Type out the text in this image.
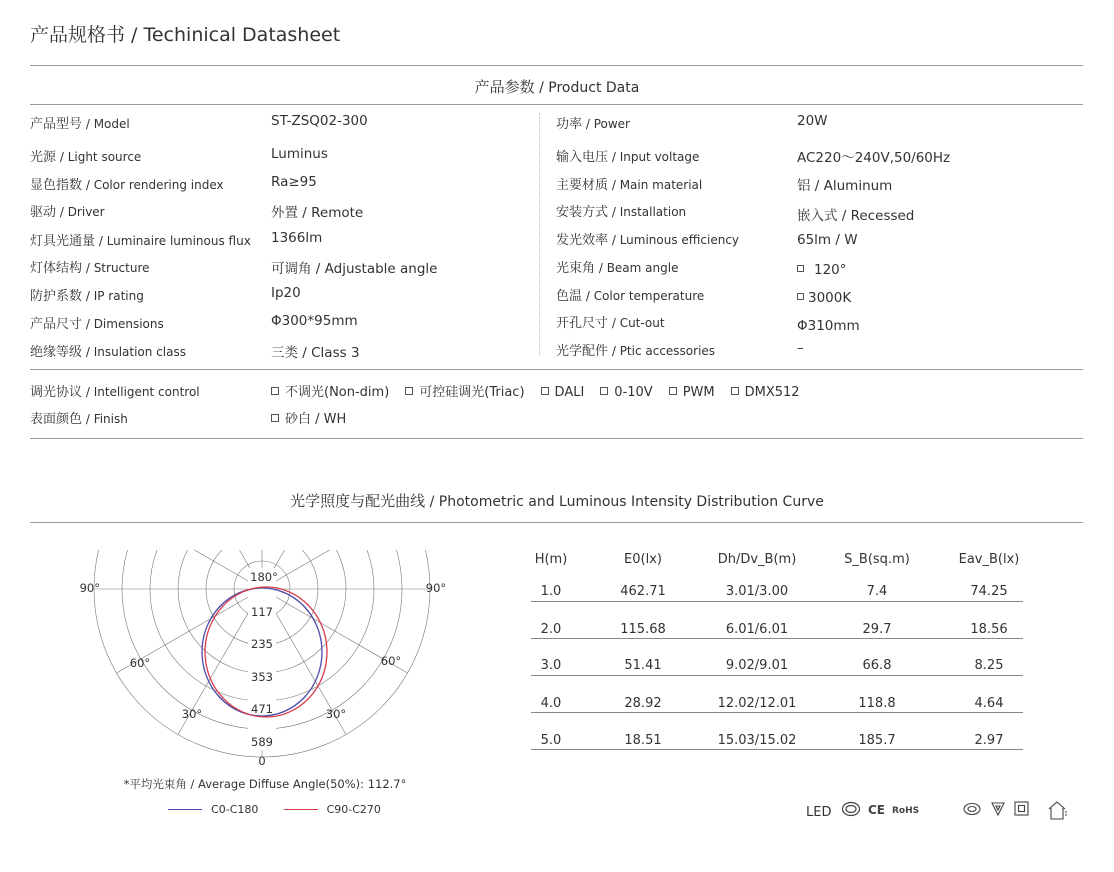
产品规格书 / Techinical Datasheet
产品参数 / Product Data
产品型号 / Model	ST-ZSQ02-300
光源 / Light source	Luminus
显色指数 / Color rendering index	Ra≥95
驱动 / Driver	外置 / Remote
灯具光通量 / Luminaire luminous flux 1366lm
灯体结构 / Structure	可调角 / Adjustable angle
防护系数 / IP rating	Ip20
产品尺寸 / Dimensions	Φ300*95mm
绝缘等级 / Insulation class	三类 / Class 3
功率 / Power	20W
输入电压 / Input voltage	AC220～240V,50/60Hz
主要材质 / Main material	铝 / Aluminum
安装方式 / Installation	嵌入式 / Recessed
发光效率 / Luminous efficiency	65lm / W
光束角 / Beam angle	120°
色温 / Color temperature	3000K
开孔尺寸 / Cut-out	Φ310mm
光学配件 / Ptic accessories	–
调光协议 / Intelligent control	不调光(Non-dim) 可控硅调光(Triac) DALI 0-10V PWM DMX512
表面颜色 / Finish	砂白 / WH
光学照度与配光曲线 / Photometric and Luminous Intensity Distribution Curve
90°	90°
60°	60°
30°	30°
180°
0
117
235
353
471
589
*平均光束角 / Average Diffuse Angle(50%): 112.7°
C0-C180	C90-C270
H(m)	E0(lx)	Dh/Dv_B(m)	S_B(sq.m)	Eav_B(lx)
1.0	462.71	3.01/3.00	7.4	74.25
2.0	115.68	6.01/6.01	29.7	18.56
3.0	51.41	9.02/9.01	66.8	8.25
4.0	28.92	12.02/12.01	118.8	4.64
5.0	18.51	15.03/15.02	185.7	2.97
$^{LED}$	CE RoHS
